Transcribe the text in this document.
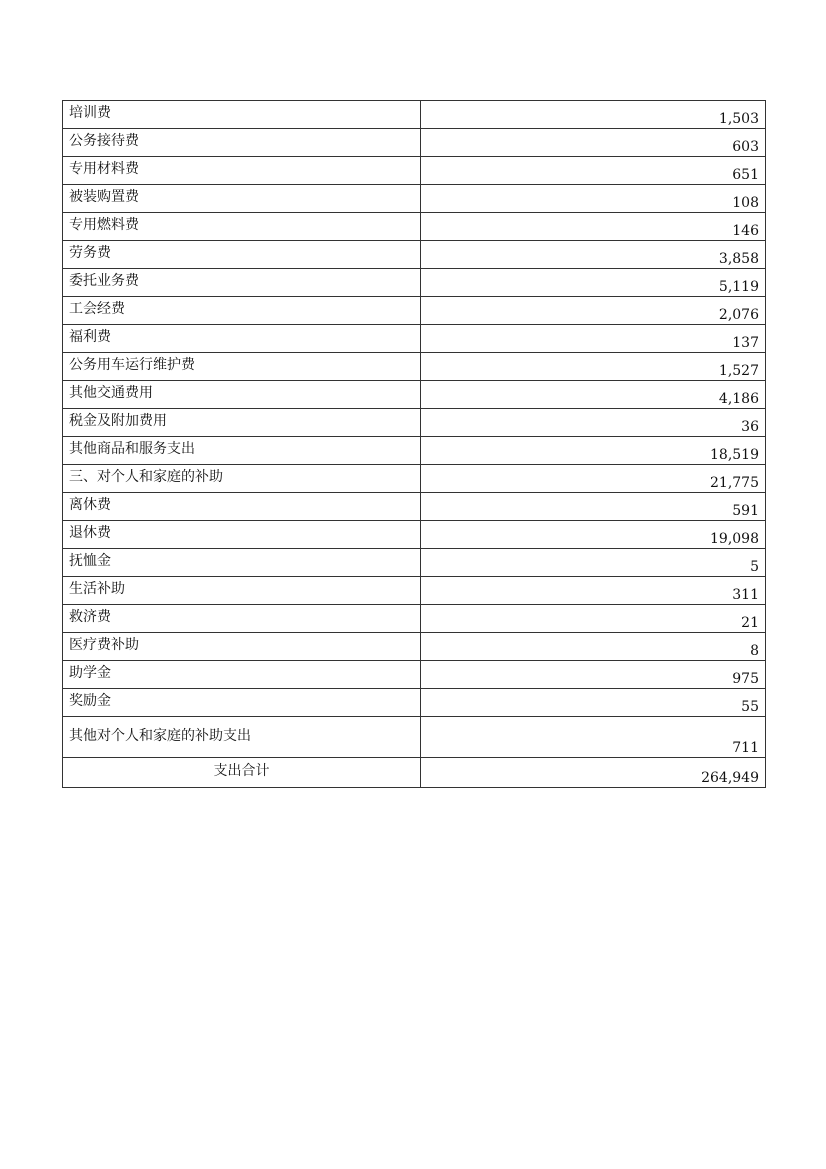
培训费	1,503
公务接待费	603
专用材料费	651
被装购置费	108
专用燃料费	146
劳务费	3,858
委托业务费	5,119
工会经费	2,076
福利费	137
公务用车运行维护费	1,527
其他交通费用	4,186
税金及附加费用	36
其他商品和服务支出	18,519
三、对个人和家庭的补助	21,775
离休费	591
退休费	19,098
抚恤金	5
生活补助	311
救济费	21
医疗费补助	8
助学金	975
奖励金	55
其他对个人和家庭的补助支出	711
支出合计	264,949
